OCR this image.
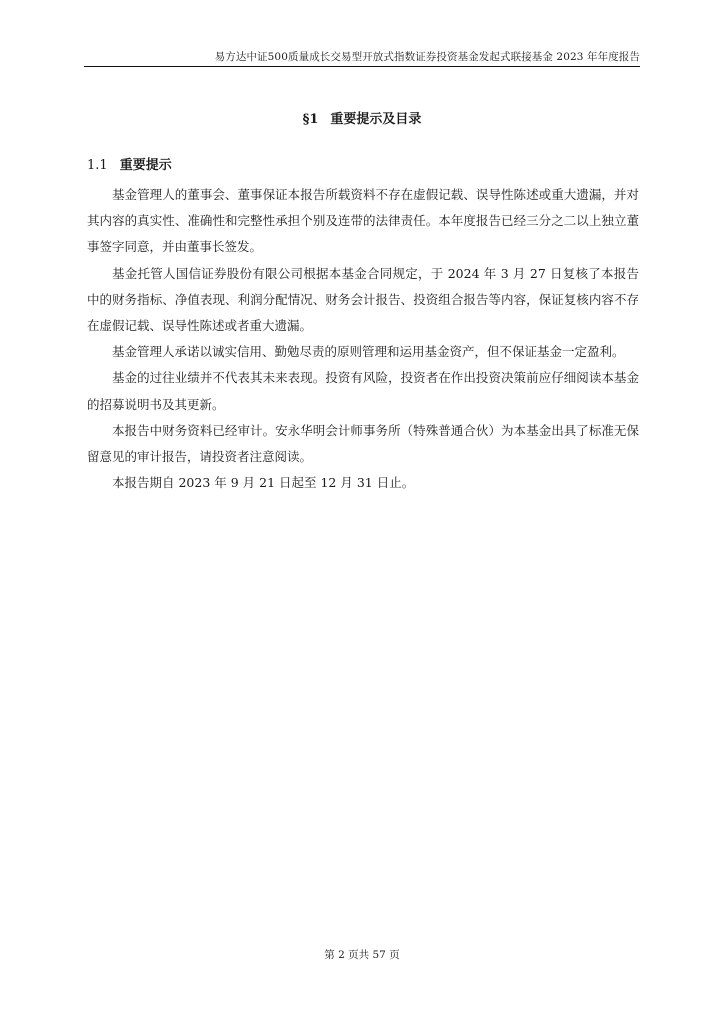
易方达中证500质量成长交易型开放式指数证券投资基金发起式联接基金 2023 年年度报告
§1 重要提示及目录
1.1 重要提示

基金管理人的董事会、董事保证本报告所载资料不存在虚假记载、误导性陈述或重大遗漏，并对其内容的真实性、准确性和完整性承担个别及连带的法律责任。本年度报告已经三分之二以上独立董事签字同意，并由董事长签发。

基金托管人国信证券股份有限公司根据本基金合同规定，于 2024 年 3 月 27 日复核了本报告中的财务指标、净值表现、利润分配情况、财务会计报告、投资组合报告等内容，保证复核内容不存在虚假记载、误导性陈述或者重大遗漏。

基金管理人承诺以诚实信用、勤勉尽责的原则管理和运用基金资产，但不保证基金一定盈利。

基金的过往业绩并不代表其未来表现。投资有风险，投资者在作出投资决策前应仔细阅读本基金的招募说明书及其更新。

本报告中财务资料已经审计。安永华明会计师事务所（特殊普通合伙）为本基金出具了标准无保留意见的审计报告，请投资者注意阅读。

本报告期自 2023 年 9 月 21 日起至 12 月 31 日止。

第 2 页共 57 页
